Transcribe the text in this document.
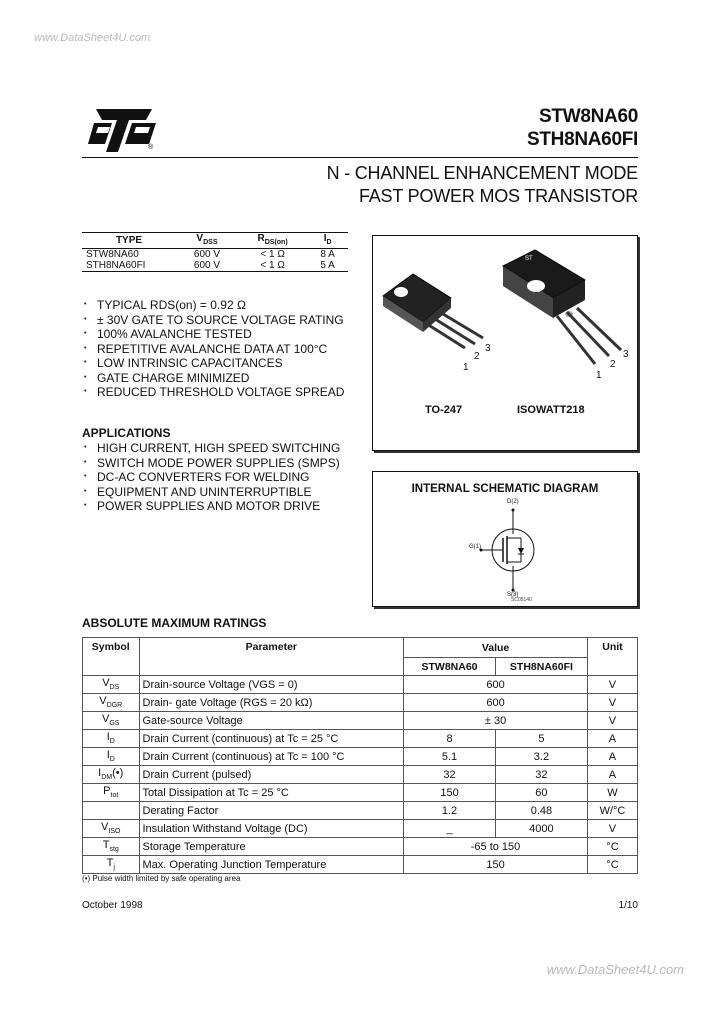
www.DataSheet4U.com
®
STW8NA60
STH8NA60FI
N - CHANNEL ENHANCEMENT MODE
FAST POWER MOS TRANSISTOR
TYPE	$V_{DSS}$	$R_{DS(on)}$	$I_D$
STW8NA60	600 V	< 1 Ω	8 A
STH8NA60FI	600 V	< 1 Ω	5 A
• TYPICAL RDS(on) = 0.92 Ω
• ± 30V GATE TO SOURCE VOLTAGE RATING
• 100% AVALANCHE TESTED
• REPETITIVE AVALANCHE DATA AT 100°C
• LOW INTRINSIC CAPACITANCES
• GATE CHARGE MINIMIZED
• REDUCED THRESHOLD VOLTAGE SPREAD
APPLICATIONS
• HIGH CURRENT, HIGH SPEED SWITCHING
• SWITCH MODE POWER SUPPLIES (SMPS)
• DC-AC CONVERTERS FOR WELDING
• EQUIPMENT AND UNINTERRUPTIBLE
• POWER SUPPLIES AND MOTOR DRIVE
ST
1
2
3
1
2
3
TO-247	ISOWATT218
INTERNAL SCHEMATIC DIAGRAM
D(2)
G(1)
S(3)
SC05140
ABSOLUTE MAXIMUM RATINGS
Symbol	Parameter	Value		Unit
		STW8NA60	STH8NA60FI	
$V_{DS}$	Drain-source Voltage (VGS = 0)	600		V
$V_{DGR}$	Drain- gate Voltage (RGS = 20 kΩ)	600		V
$V_{GS}$	Gate-source Voltage	± 30		V
$I_D$	Drain Current (continuous) at Tc = 25 °C	8	5	A
$I_D$	Drain Current (continuous) at Tc = 100 °C	5.1	3.2	A
$I_{DM}(•)$	Drain Current (pulsed)	32	32	A
$P_{tot}$	Total Dissipation at Tc = 25 °C	150	60	W
	Derating Factor	1.2	0.48	W/°C
$V_{ISO}$	Insulation Withstand Voltage (DC)	_	4000	V
$T_{stg}$	Storage Temperature	-65 to 150		°C
$T_j$	Max. Operating Junction Temperature	150		°C
(•) Pulse width limited by safe operating area
October 1998	1/10
www.DataSheet4U.com
